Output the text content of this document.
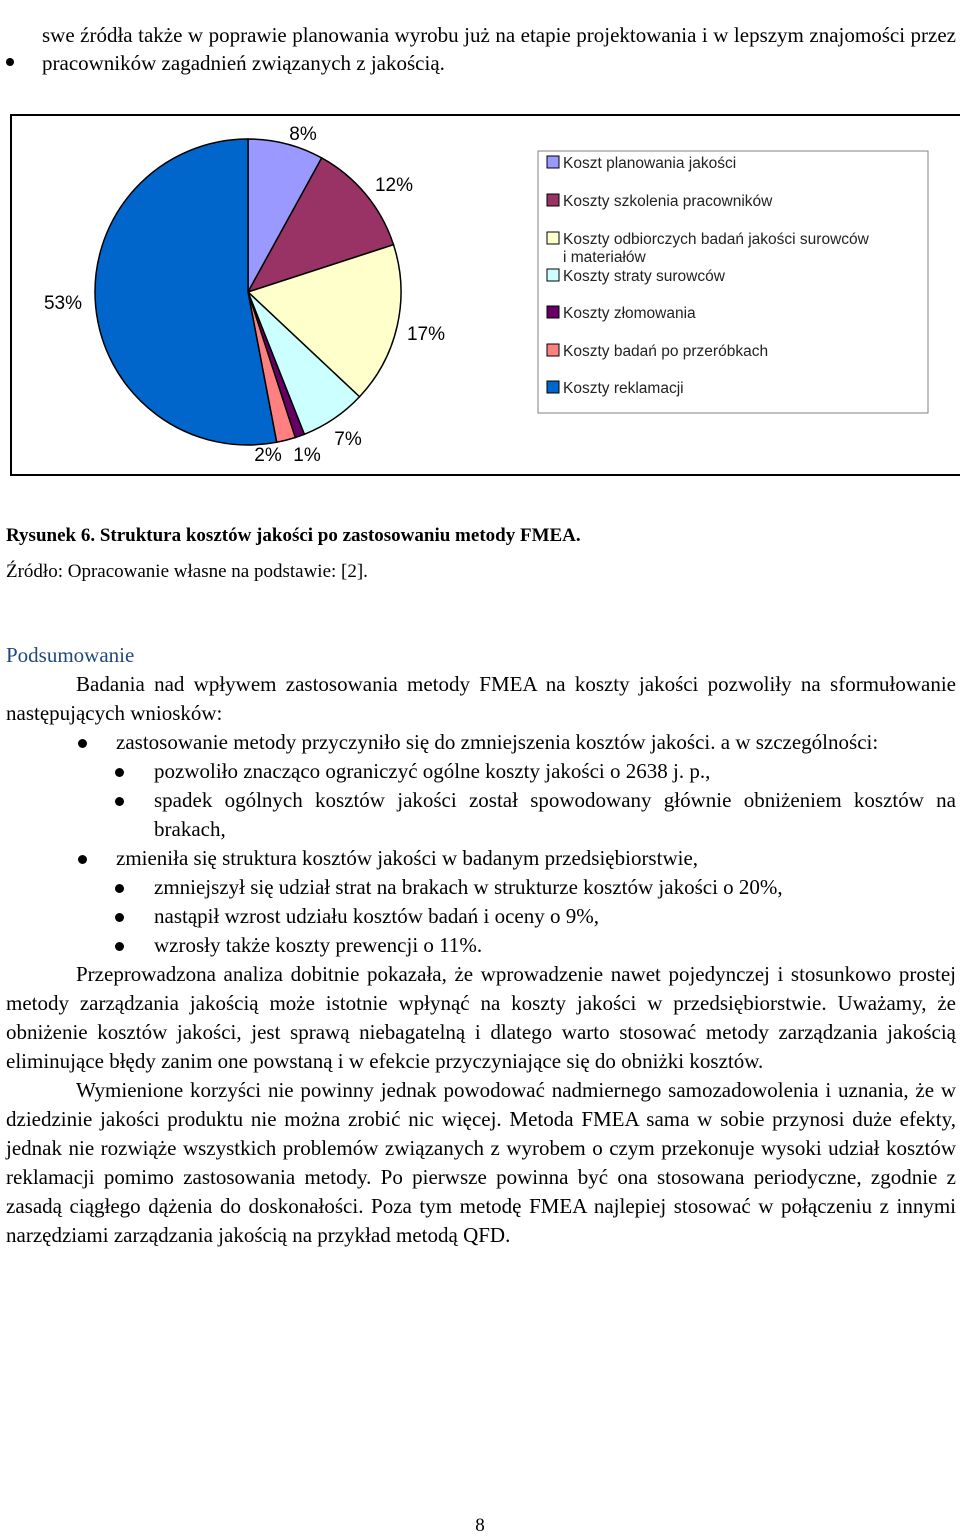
swe źródła także w poprawie planowania wyrobu już na etapie projektowania i w lepszym znajomości przez pracowników zagadnień związanych z jakością.

8%
12%
17%
7%
1%
2%
53%
Koszt planowania jakości
Koszty szkolenia pracowników
Koszty odbiorczych badań jakości surowców
i materiałów
Koszty straty surowców
Koszty złomowania
Koszty badań po przeróbkach
Koszty reklamacji
Rysunek 6. Struktura kosztów jakości po zastosowaniu metody FMEA.
Źródło: Opracowanie własne na podstawie: [2].
Podsumowanie

Badania nad wpływem zastosowania metody FMEA na koszty jakości pozwoliły na sformułowanie następujących wniosków:

zastosowanie metody przyczyniło się do zmniejszenia kosztów jakości. a w szczególności:
pozwoliło znacząco ograniczyć ogólne koszty jakości o 2638 j. p.,
spadek ogólnych kosztów jakości został spowodowany głównie obniżeniem kosztów na brakach,
zmieniła się struktura kosztów jakości w badanym przedsiębiorstwie,
zmniejszył się udział strat na brakach w strukturze kosztów jakości o 20%,
nastąpił wzrost udziału kosztów badań i oceny o 9%,
wzrosły także koszty prewencji o 11%.

Przeprowadzona analiza dobitnie pokazała, że wprowadzenie nawet pojedynczej i stosunkowo prostej metody zarządzania jakością może istotnie wpłynąć na koszty jakości w przedsiębiorstwie. Uważamy, że obniżenie kosztów jakości, jest sprawą niebagatelną i dlatego warto stosować metody zarządzania jakością eliminujące błędy zanim one powstaną i w efekcie przyczyniające się do obniżki kosztów.

Wymienione korzyści nie powinny jednak powodować nadmiernego samozadowolenia i uznania, że w dziedzinie jakości produktu nie można zrobić nic więcej. Metoda FMEA sama w sobie przynosi duże efekty, jednak nie rozwiąże wszystkich problemów związanych z wyrobem o czym przekonuje wysoki udział kosztów reklamacji pomimo zastosowania metody. Po pierwsze powinna być ona stosowana periodyczne, zgodnie z zasadą ciągłego dążenia do doskonałości. Poza tym metodę FMEA najlepiej stosować w połączeniu z innymi narzędziami zarządzania jakością na przykład metodą QFD.

8
